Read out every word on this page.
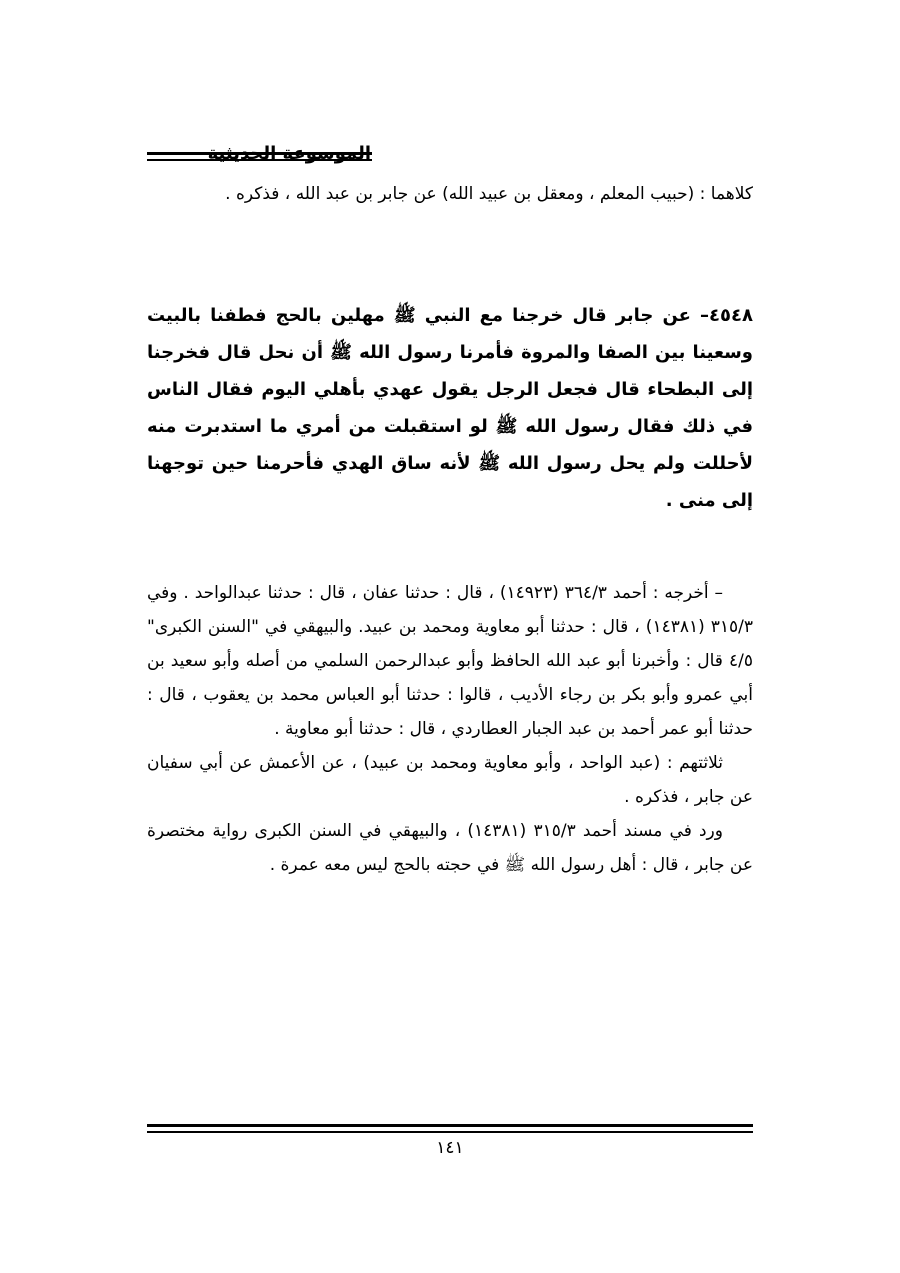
الموسوعة الحديثية

كلاهما : (حبيب المعلم ، ومعقل بن عبيد الله) عن جابر بن عبد الله ، فذكره .

٤٥٤٨– عن جابر قال خرجنا مع النبي ﷺ مهلين بالحج فطفنا بالبيت وسعينا بين الصفا والمروة فأمرنا رسول الله ﷺ أن نحل قال فخرجنا إلى البطحاء قال فجعل الرجل يقول عهدي بأهلي اليوم فقال الناس في ذلك فقال رسول الله ﷺ لو استقبلت من أمري ما استدبرت منه لأحللت ولم يحل رسول الله ﷺ لأنه ساق الهدي فأحرمنا حين توجهنا إلى منى .

– أخرجه : أحمد ٣٦٤/٣ (١٤٩٢٣) ، قال : حدثنا عفان ، قال : حدثنا عبدالواحد . وفي ٣١٥/٣ (١٤٣٨١) ، قال : حدثنا أبو معاوية ومحمد بن عبيد. والبيهقي في "السنن الكبرى" ٤/٥ قال : وأخبرنا أبو عبد الله الحافظ وأبو عبدالرحمن السلمي من أصله وأبو سعيد بن أبي عمرو وأبو بكر بن رجاء الأديب ، قالوا : حدثنا أبو العباس محمد بن يعقوب ، قال : حدثنا أبو عمر أحمد بن عبد الجبار العطاردي ، قال : حدثنا أبو معاوية .

ثلاثتهم : (عبد الواحد ، وأبو معاوية ومحمد بن عبيد) ، عن الأعمش عن أبي سفيان عن جابر ، فذكره .

ورد في مسند أحمد ٣١٥/٣ (١٤٣٨١) ، والبيهقي في السنن الكبرى رواية مختصرة عن جابر ، قال : أهل رسول الله ﷺ في حجته بالحج ليس معه عمرة .

١٤١
